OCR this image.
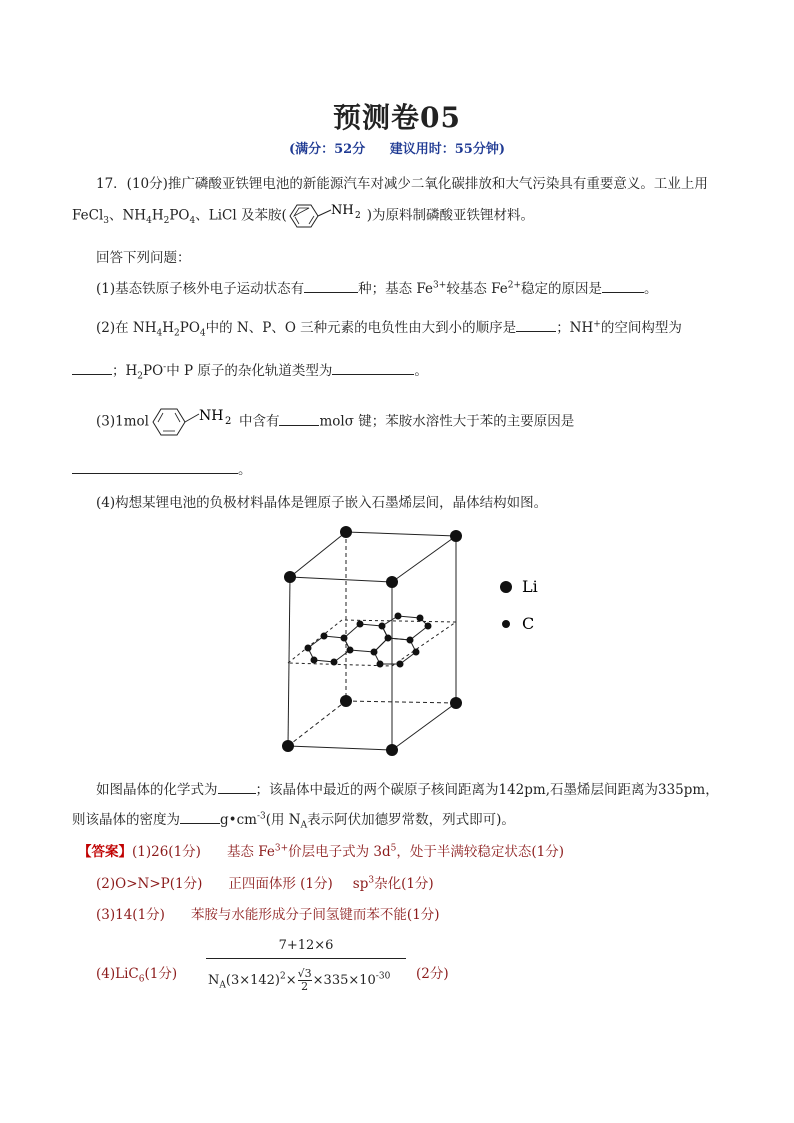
预测卷05
(满分：52分 建议用时：55分钟)
17．(10分)推广磷酸亚铁锂电池的新能源汽车对减少二氧化碳排放和大气污染具有重要意义。工业上用
FeCl$_3$、$NH_4H_2PO_4$、LiCl 及苯胺(	NH 2 )为原料制磷酸亚铁锂材料。
回答下列问题：
(1)基态铁原子核外电子运动状态有	种；基态 $Fe^{3+}$较基态 $Fe^{2+}$稳定的原因是	。
(2)在 $NH_4H_2PO_4$中的 N、P、O 三种元素的电负性由大到小的顺序是	；NH+的空间构型为
；$H_2PO^-$中 P 原子的杂化轨道类型为	。
(3)1mol	NH 2 中含有	molσ 键；苯胺水溶性大于苯的主要原因是
。
(4)构想某锂电池的负极材料晶体是锂原子嵌入石墨烯层间，晶体结构如图。
Li
C
如图晶体的化学式为	；该晶体中最近的两个碳原子核间距离为142pm,石墨烯层间距离为335pm，
则该晶体的密度为	$g•cm^{-3}$(用 $N_A$表示阿伏加德罗常数，列式即可)。
【答案】(1)26(1分) 基态 $Fe^{3+}$价层电子式为 $3d^5$，处于半满较稳定状态(1分)
(2)O>N>P(1分) 正四面体形 (1分) $sp^3$杂化(1分)
(3)14(1分) 苯胺与水能形成分子间氢键而苯不能(1分)
(4)LiC$_6$(1分)
7+12×6
$N_A(3\times 142)^2\times \frac{√3}{2} \times 335\times 10^{-30}$ (2分)
